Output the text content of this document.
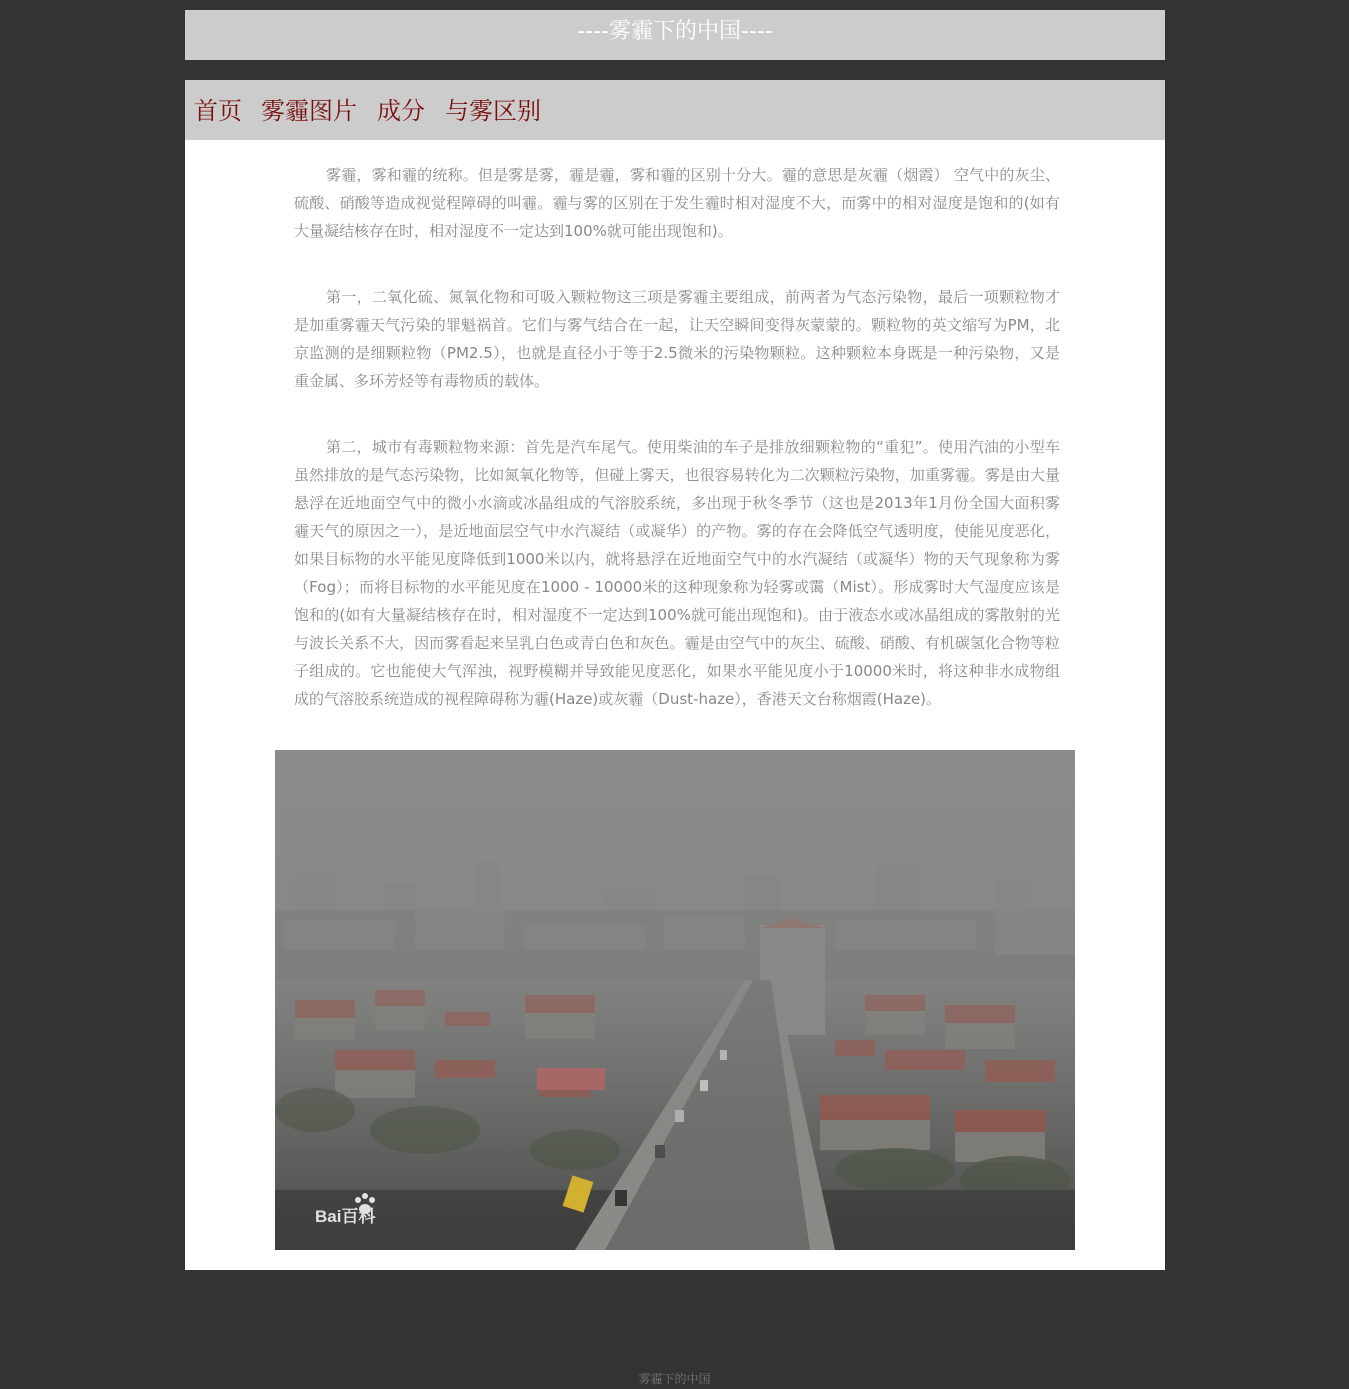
----雾霾下的中国----
首页 雾霾图片 成分 与雾区别

雾霾，雾和霾的统称。但是雾是雾，霾是霾，雾和霾的区别十分大。霾的意思是灰霾（烟霞） 空气中的灰尘、硫酸、硝酸等造成视觉程障碍的叫霾。霾与雾的区别在于发生霾时相对湿度不大，而雾中的相对湿度是饱和的(如有大量凝结核存在时，相对湿度不一定达到100%就可能出现饱和)。

第一，二氧化硫、氮氧化物和可吸入颗粒物这三项是雾霾主要组成，前两者为气态污染物，最后一项颗粒物才是加重雾霾天气污染的罪魁祸首。它们与雾气结合在一起，让天空瞬间变得灰蒙蒙的。颗粒物的英文缩写为PM，北京监测的是细颗粒物（PM2.5），也就是直径小于等于2.5微米的污染物颗粒。这种颗粒本身既是一种污染物，又是重金属、多环芳烃等有毒物质的载体。

第二，城市有毒颗粒物来源：首先是汽车尾气。使用柴油的车子是排放细颗粒物的“重犯”。使用汽油的小型车虽然排放的是气态污染物，比如氮氧化物等，但碰上雾天，也很容易转化为二次颗粒污染物，加重雾霾。雾是由大量悬浮在近地面空气中的微小水滴或冰晶组成的气溶胶系统，多出现于秋冬季节（这也是2013年1月份全国大面积雾霾天气的原因之一），是近地面层空气中水汽凝结（或凝华）的产物。雾的存在会降低空气透明度，使能见度恶化，如果目标物的水平能见度降低到1000米以内，就将悬浮在近地面空气中的水汽凝结（或凝华）物的天气现象称为雾（Fog）；而将目标物的水平能见度在1000 - 10000米的这种现象称为轻雾或霭（Mist）。形成雾时大气湿度应该是饱和的(如有大量凝结核存在时，相对湿度不一定达到100%就可能出现饱和)。由于液态水或冰晶组成的雾散射的光与波长关系不大，因而雾看起来呈乳白色或青白色和灰色。霾是由空气中的灰尘、硫酸、硝酸、有机碳氢化合物等粒子组成的。它也能使大气浑浊，视野模糊并导致能见度恶化，如果水平能见度小于10000米时，将这种非水成物组成的气溶胶系统造成的视程障碍称为霾(Haze)或灰霾（Dust-haze），香港天文台称烟霞(Haze)。

Bai百科
雾霾下的中国
